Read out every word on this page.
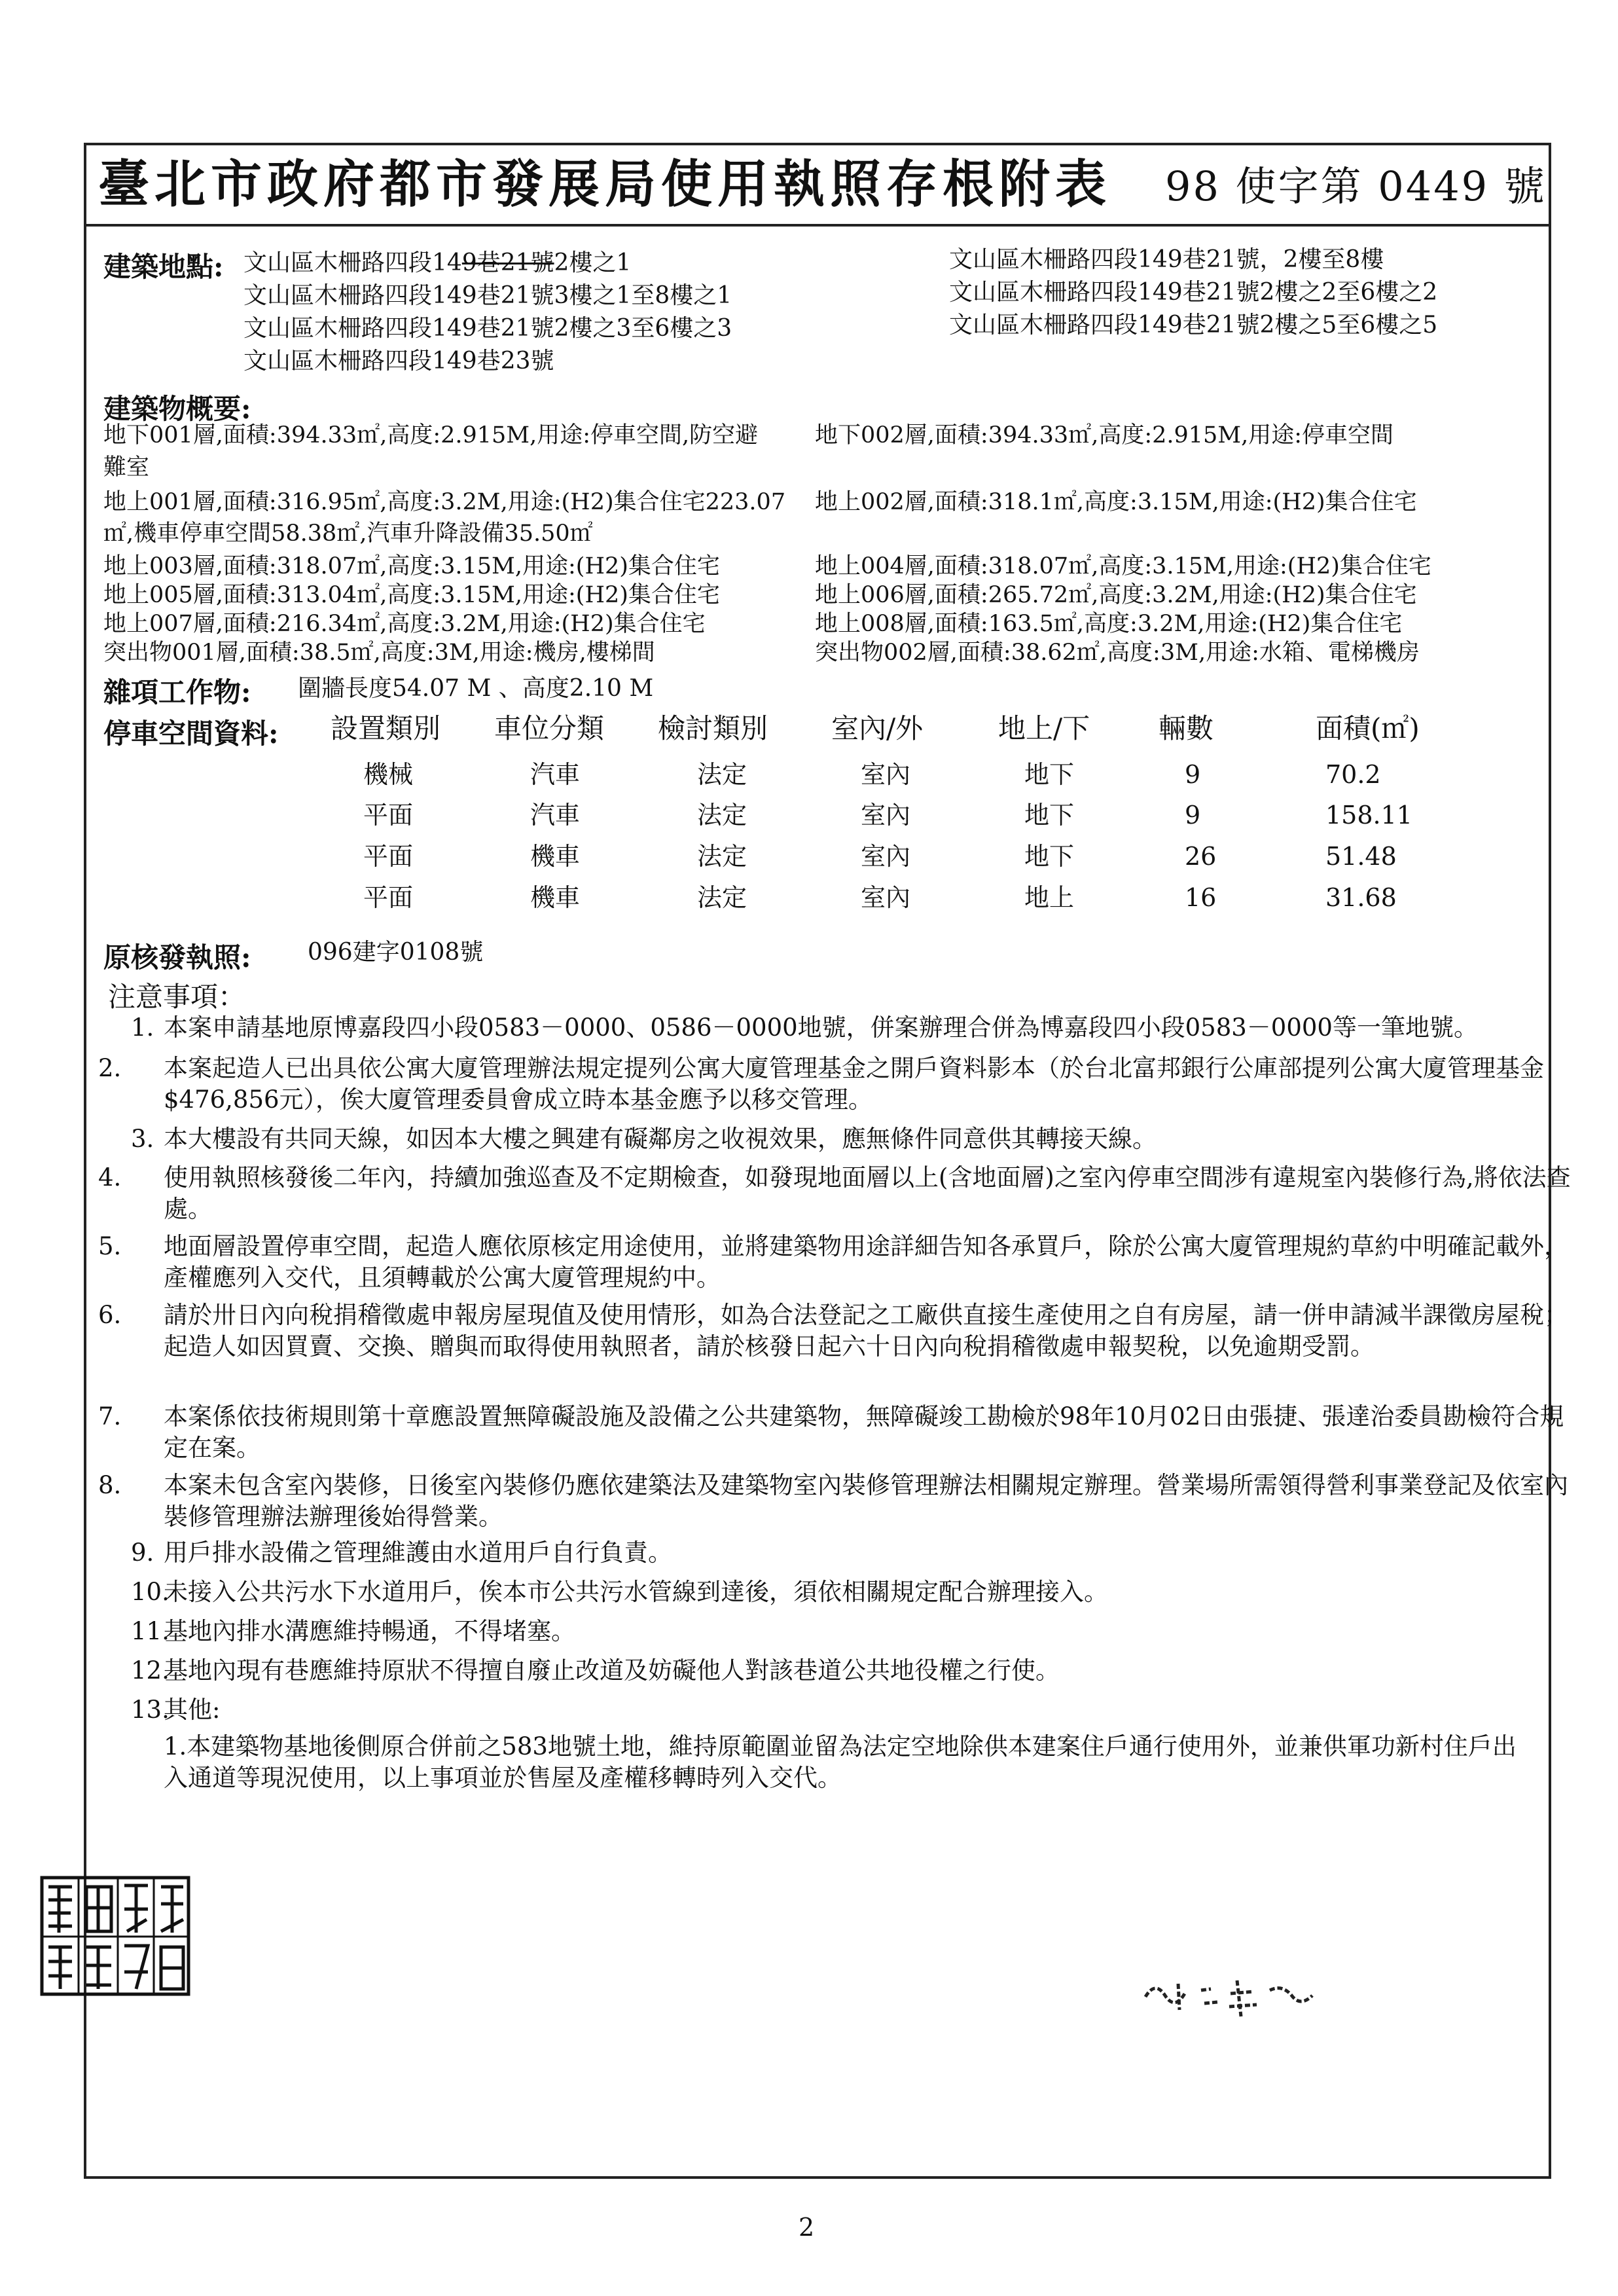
臺北市政府都市發展局使用執照存根附表 98 使字第 0449 號
建築地點: 文山區木柵路四段149巷21號2樓之1
文山區木柵路四段149巷21號3樓之1至8樓之1
文山區木柵路四段149巷21號2樓之3至6樓之3
文山區木柵路四段149巷23號
文山區木柵路四段149巷21號，2樓至8樓
文山區木柵路四段149巷21號2樓之2至6樓之2
文山區木柵路四段149巷21號2樓之5至6樓之5
建築物概要:
地下001層,面積:394.33㎡,高度:2.915M,用途:停車空間,防空避 地下002層,面積:394.33㎡,高度:2.915M,用途:停車空間
難室
地上001層,面積:316.95㎡,高度:3.2M,用途:(H2)集合住宅223.07 地上002層,面積:318.1㎡,高度:3.15M,用途:(H2)集合住宅
㎡,機車停車空間58.38㎡,汽車升降設備35.50㎡
地上003層,面積:318.07㎡,高度:3.15M,用途:(H2)集合住宅	地上004層,面積:318.07㎡,高度:3.15M,用途:(H2)集合住宅
地上005層,面積:313.04㎡,高度:3.15M,用途:(H2)集合住宅	地上006層,面積:265.72㎡,高度:3.2M,用途:(H2)集合住宅
地上007層,面積:216.34㎡,高度:3.2M,用途:(H2)集合住宅	地上008層,面積:163.5㎡,高度:3.2M,用途:(H2)集合住宅
突出物001層,面積:38.5㎡,高度:3M,用途:機房,樓梯間	突出物002層,面積:38.62㎡,高度:3M,用途:水箱、電梯機房
雜項工作物: 圍牆長度54.07 M 、高度2.10 M
停車空間資料: 設置類別 車位分類 檢討類別 室內/外	地上/下 輛數	面積(㎡)
機械	汽車	法定	室內	地下	9	70.2
平面	汽車	法定	室內	地下	9	158.11
平面	機車	法定	室內	地下	26	51.48
平面	機車	法定	室內	地上	16	31.68
原核發執照: 096建字0108號
注意事項：
1. 本案申請基地原博嘉段四小段0583－0000、0586－0000地號，併案辦理合併為博嘉段四小段0583－0000等一筆地號。
2. 本案起造人已出具依公寓大廈管理辦法規定提列公寓大廈管理基金之開戶資料影本（於台北富邦銀行公庫部提列公寓大廈管理基金$476,856元），俟大廈管理委員會成立時本基金應予以移交管理。
3. 本大樓設有共同天線，如因本大樓之興建有礙鄰房之收視效果，應無條件同意供其轉接天線。
4. 使用執照核發後二年內，持續加強巡查及不定期檢查，如發現地面層以上(含地面層)之室內停車空間涉有違規室內裝修行為,將依法查處。
5. 地面層設置停車空間，起造人應依原核定用途使用，並將建築物用途詳細告知各承買戶，除於公寓大廈管理規約草約中明確記載外，產權應列入交代，且須轉載於公寓大廈管理規約中。
6. 請於卅日內向稅捐稽徵處申報房屋現值及使用情形，如為合法登記之工廠供直接生產使用之自有房屋，請一併申請減半課徵房屋稅；起造人如因買賣、交換、贈與而取得使用執照者，請於核發日起六十日內向稅捐稽徵處申報契稅，以免逾期受罰。
7. 本案係依技術規則第十章應設置無障礙設施及設備之公共建築物，無障礙竣工勘檢於98年10月02日由張捷、張達治委員勘檢符合規定在案。
8. 本案未包含室內裝修，日後室內裝修仍應依建築法及建築物室內裝修管理辦法相關規定辦理。營業場所需領得營利事業登記及依室內裝修管理辦法辦理後始得營業。
9. 用戶排水設備之管理維護由水道用戶自行負責。
10.未接入公共污水下水道用戶，俟本市公共污水管線到達後，須依相關規定配合辦理接入。
11.基地內排水溝應維持暢通，不得堵塞。
12.基地內現有巷應維持原狀不得擅自廢止改道及妨礙他人對該巷道公共地役權之行使。
13.其他:
1.本建築物基地後側原合併前之583地號土地，維持原範圍並留為法定空地除供本建案住戶通行使用外，並兼供軍功新村住戶出入通道等現況使用，以上事項並於售屋及產權移轉時列入交代。
2
